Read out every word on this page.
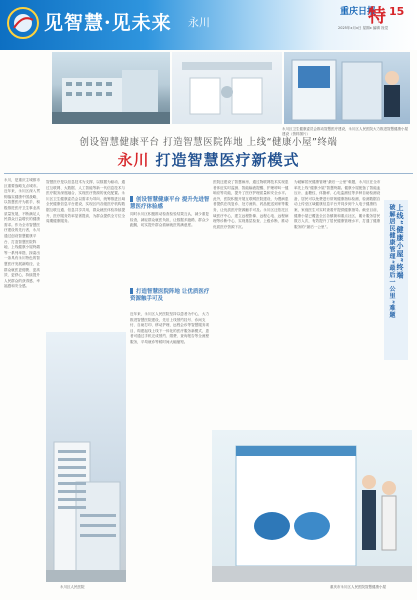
见智慧·见未来 永川
重庆日报
特 15
2025年x月x日 星期x 编辑 视觉
永川区卫生健康委员会推动智慧医疗建设，永川区人民医院大力推进智慧健康小屋建设（资料图片）
创设智慧健康平台 打造智慧医院阵地 上线“健康小屋”终端
永川 打造智慧医疗新模式
永川，是重庆主城都市区重要战略支点城市。近年来，永川区深入贯彻落实健康中国战略，以智慧医疗为抓手，积极推进医疗卫生事业高质量发展，不断满足人民群众日益增长的健康需求。作为全市智慧医疗建设的先行者，永川通过创设智慧健康平台、打造智慧医院阵地、上线健康小屋终端等一系列举措，探索出一条具有永川特色的智慧医疗发展新路径，让群众就医更便捷、更高效、更舒心，持续提升人民群众的获得感、幸福感和安全感。
智慧医疗是以信息技术为支撑，以数据为驱动，通过互联网、大数据、人工智能等新一代信息技术与医疗服务深度融合，实现医疗资源的优化配置。永川区卫生健康委员会以需求为导向，统筹推进区域全民健康信息平台建设，实现区内各级医疗机构数据互联互通、信息共享共用，群众就医体验持续提升，医疗服务效率显著提高，为群众提供全方位全周期健康服务。
创设智慧健康平台 提升先进智慧医疗体验感
同时永川区积极推动检查检验结果互认，减少重复检查，减轻群众就医负担，让数据多跑路、群众少跑腿，切实提升群众看病就医的满意度。
打造智慧医院阵地 让优质医疗资源触手可及
近年来，永川区人民医院坚持以患者为中心，大力推进智慧医院建设，先后上线预约挂号、诊间支付、自助打印、移动护理、远程会诊等智慧服务项目，构建起线上线下一体化的医疗服务新模式，患者可通过手机完成预约、缴费、查询报告等全流程服务，平均就诊等候时间大幅缩短。
医院还建设了智慧病房，通过物联网技术实现患者体征实时监测、智能输液提醒、护理呼叫一键响应等功能，提升了医疗护理质量和安全水平。此外，医院积极开展互联网医院建设，为慢病患者提供在线复诊、处方流转、药品配送到家等服务，让优质医疗资源触手可及。永川区还依托区域医疗中心，建立远程影像、远程心电、远程病理等诊断中心，实现基层检查、上级诊断，推动优质医疗资源下沉。
为破解居民健康管理“最后一公里”难题，永川区在全市率先上线“健康小屋”智慧终端。健康小屋配备了智能血压计、血糖仪、体脂秤、心电监测仪等多种自助检测设备，居民可以免费进行常规健康指标检测，检测数据自动上传至区域健康信息平台并同步到个人电子健康档案，家庭医生可实时查看并提供健康指导。截至目前，健康小屋已覆盖全区各镇街和重点社区，累计服务居民数万人次，有效提升了居民健康管理水平，打通了健康服务的“最后一公里”。	上线“健康小屋”终端
破解居民健康管理“最后一公里”难题
永川区人民医院	重庆市永川区人民医院智慧健康小屋
